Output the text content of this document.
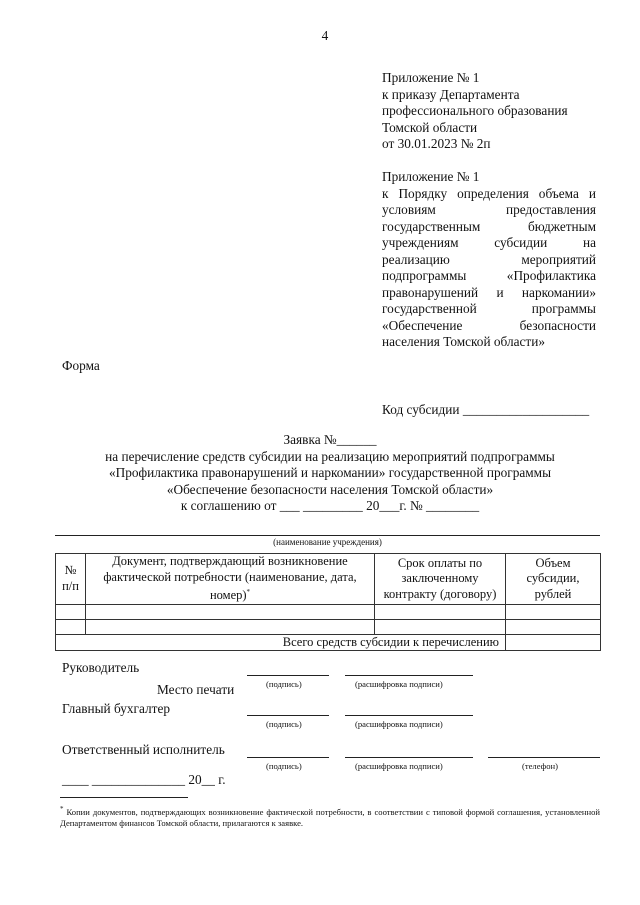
4
Приложение № 1
к приказу Департамента
профессионального образования
Томской области
от 30.01.2023 № 2п
Приложение № 1
к Порядку определения объема и
условиям предоставления
государственным бюджетным
учреждениям субсидии на
реализацию мероприятий
подпрограммы «Профилактика
правонарушений и наркомании»
государственной программы
«Обеспечение безопасности
населения Томской области»
Форма
Код субсидии ___________________
Заявка №______
на перечисление средств субсидии на реализацию мероприятий подпрограммы
«Профилактика правонарушений и наркомании» государственной программы
«Обеспечение безопасности населения Томской области»
к соглашению от ___ _________ 20___г. № ________
(наименование учреждения)
№ п/п	Документ, подтверждающий возникновение фактической потребности (наименование, дата, номер)*	Срок оплаты по заключенному контракту (договору)	Объем субсидии, рублей

Всего средств субсидии к перечислению			
Руководитель
(подпись)	(расшифровка подписи)
Место печати
Главный бухгалтер
(подпись)	(расшифровка подписи)
Ответственный исполнитель
(подпись)	(расшифровка подписи)	(телефон)
____ ______________ 20__ г.
* Копии документов, подтверждающих возникновение фактической потребности, в соответствии с типовой формой соглашения, установленной Департаментом финансов Томской области, прилагаются к заявке.
